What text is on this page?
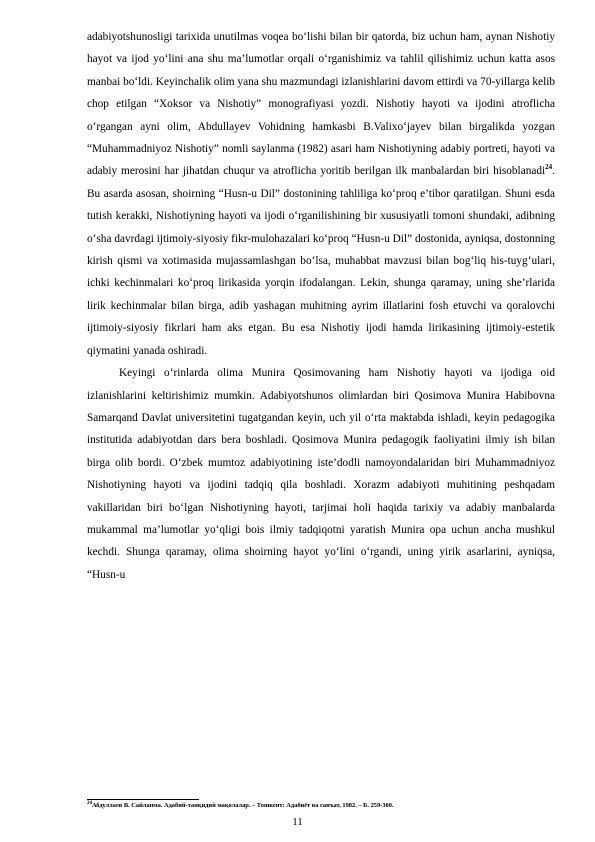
adabiyotshunosligi tarixida unutilmas voqea bo‘lishi bilan bir qatorda, biz uchun ham, aynan Nishotiy hayot va ijod yo‘lini ana shu ma’lumotlar orqali o‘rganishimiz va tahlil qilishimiz uchun katta asos manbai bo‘ldi. Keyinchalik olim yana shu mazmundagi izlanishlarini davom ettirdi va 70-yillarga kelib chop etilgan “Xoksor va Nishotiy” monografiyasi yozdi. Nishotiy hayoti va ijodini atroflicha o‘rgangan ayni olim, Abdullayev Vohidning hamkasbi B.Valixo‘jayev bilan birgalikda yozgan “Muhammadniyoz Nishotiy” nomli saylanma (1982) asari ham Nishotiyning adabiy portreti, hayoti va adabiy merosini har jihatdan chuqur va atroflicha yoritib berilgan ilk manbalardan biri hisoblanadi$^{24}$. Bu asarda asosan, shoirning “Husn-u Dil” dostonining tahliliga ko‘proq e’tibor qaratilgan. Shuni esda tutish kerakki, Nishotiyning hayoti va ijodi o‘rganilishining bir xususiyatli tomoni shundaki, adibning o‘sha davrdagi ijtimoiy-siyosiy fikr-mulohazalari ko‘proq “Husn-u Dil” dostonida, ayniqsa, dostonning kirish qismi va xotimasida mujassamlashgan bo‘lsa, muhabbat mavzusi bilan bog‘liq his-tuyg‘ulari, ichki kechinmalari ko‘proq lirikasida yorqin ifodalangan. Lekin, shunga qaramay, uning she’rlarida lirik kechinmalar bilan birga, adib yashagan muhitning ayrim illatlarini fosh etuvchi va qoralovchi ijtimoiy-siyosiy fikrlari ham aks etgan. Bu esa Nishotiy ijodi hamda lirikasining ijtimoiy-estetik qiymatini yanada oshiradi.

Keyingi o‘rinlarda olima Munira Qosimovaning ham Nishotiy hayoti va ijodiga oid izlanishlarini keltirishimiz mumkin. Adabiyotshunos olimlardan biri Qosimova Munira Habibovna Samarqand Davlat universitetini tugatgandan keyin, uch yil o‘rta maktabda ishladi, keyin pedagogika institutida adabiyotdan dars bera boshladi. Qosimova Munira pedagogik faoliyatini ilmiy ish bilan birga olib bordi. O‘zbek mumtoz adabiyotining iste’dodli namoyondalaridan biri Muhammadniyoz Nishotiyning hayoti va ijodini tadqiq qila boshladi. Xorazm adabiyoti muhitining peshqadam vakillaridan biri bo‘lgan Nishotiyning hayoti, tarjimai holi haqida tarixiy va adabiy manbalarda mukammal ma’lumotlar yo‘qligi bois ilmiy tadqiqotni yaratish Munira opa uchun ancha mushkul kechdi. Shunga qaramay, olima shoirning hayot yo‘lini o‘rgandi, uning yirik asarlarini, ayniqsa, “Husn-u

$^{24}$Абдуллаев В. Сайланма. Адабий-танқидий мақолалар. – Тошкент: Адабиёт ва санъат, 1982. – Б. 259-300.
11
